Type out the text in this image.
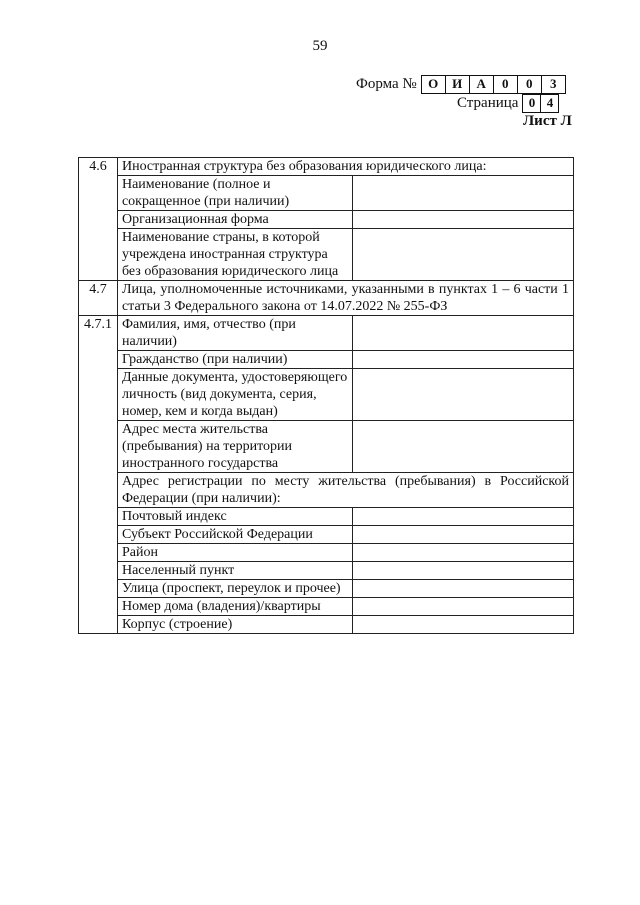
59
Форма № О	И	А	0	0	3
Страница 0 4
Лист Л
4.6	Иностранная структура без образования юридического лица:	
	Наименование (полное и сокращенное (при наличии)	
	Организационная форма	
	Наименование страны, в которой учреждена иностранная структура без образования юридического лица	
4.7	Лица, уполномоченные источниками, указанными в пунктах 1 – 6 части 1 статьи 3 Федерального закона от 14.07.2022 № 255-ФЗ	
4.7.1	Фамилия, имя, отчество (при наличии)	
	Гражданство (при наличии)	
	Данные документа, удостоверяющего личность (вид документа, серия, номер, кем и когда выдан)	
	Адрес места жительства (пребывания) на территории иностранного государства	
	Адрес регистрации по месту жительства (пребывания) в Российской Федерации (при наличии):	
	Почтовый индекс	
	Субъект Российской Федерации	
	Район	
	Населенный пункт	
	Улица (проспект, переулок и прочее)	
	Номер дома (владения)/квартиры	
	Корпус (строение)	
